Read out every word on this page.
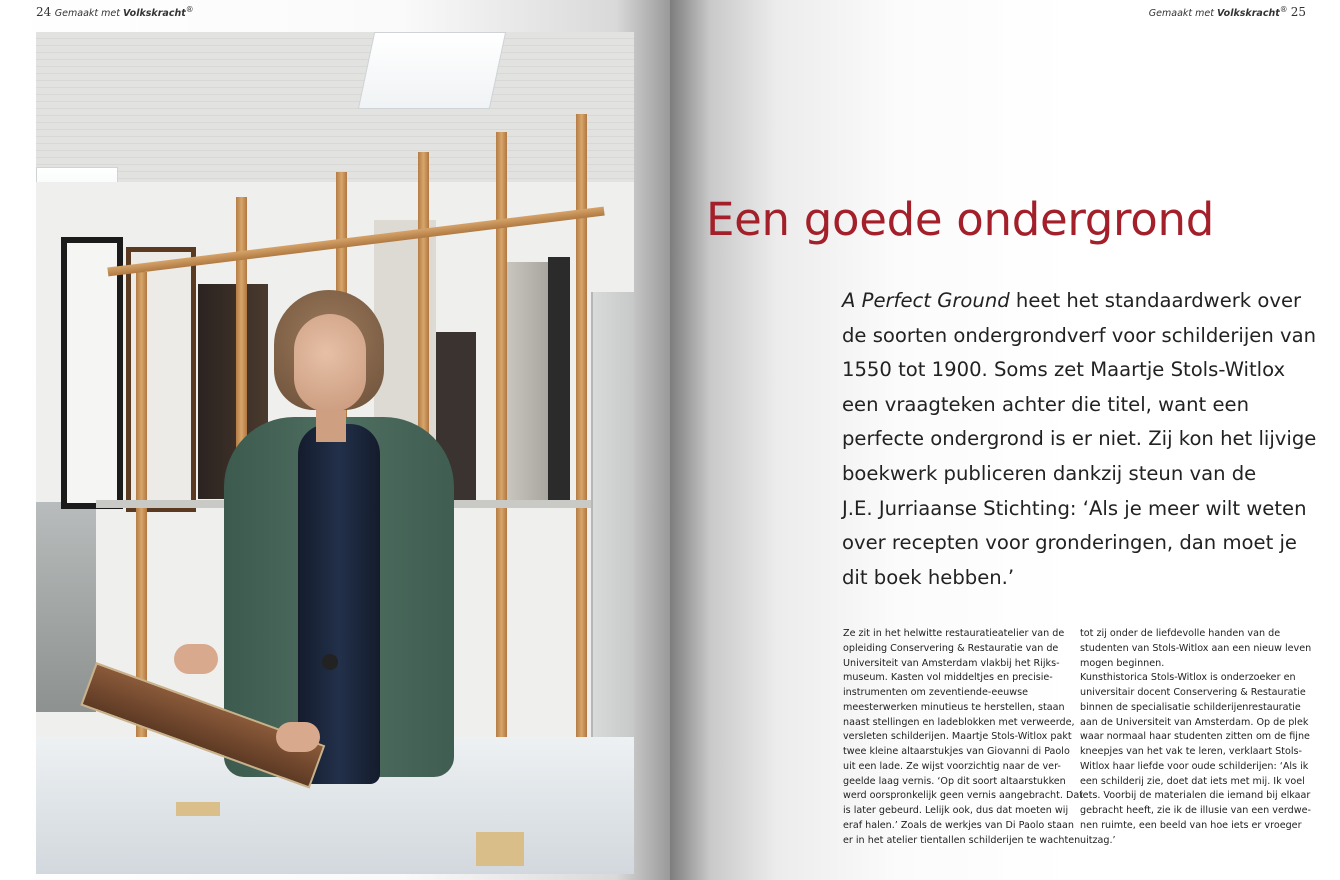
24 Gemaakt met Volkskracht®	Gemaakt met Volkskracht® 25
Een goede ondergrond

A Perfect Ground heet het standaardwerk over

de soorten ondergrondverf voor schilderijen van

1550 tot 1900. Soms zet Maartje Stols-Witlox

een vraagteken achter die titel, want een

perfecte ondergrond is er niet. Zij kon het lijvige

boekwerk publiceren dankzij steun van de

J.E. Jurriaanse Stichting: ‘Als je meer wilt weten

over recepten voor gronderingen, dan moet je

dit boek hebben.’

Ze zit in het helwitte restauratieatelier van de

opleiding Conservering & Restauratie van de

Universiteit van Amsterdam vlakbij het Rijks-

museum. Kasten vol middeltjes en precisie-

instrumenten om zeventiende-eeuwse

meesterwerken minutieus te herstellen, staan

naast stellingen en ladeblokken met verweerde,

versleten schilderijen. Maartje Stols-Witlox pakt

twee kleine altaarstukjes van Giovanni di Paolo

uit een lade. Ze wijst voorzichtig naar de ver-

geelde laag vernis. ‘Op dit soort altaarstukken

werd oorspronkelijk geen vernis aangebracht. Dat

is later gebeurd. Lelijk ook, dus dat moeten wij

eraf halen.’ Zoals de werkjes van Di Paolo staan

er in het atelier tientallen schilderijen te wachten

tot zij onder de liefdevolle handen van de

studenten van Stols-Witlox aan een nieuw leven

mogen beginnen.

Kunsthistorica Stols-Witlox is onderzoeker en

universitair docent Conservering & Restauratie

binnen de specialisatie schilderijenrestauratie

aan de Universiteit van Amsterdam. Op de plek

waar normaal haar studenten zitten om de fijne

kneepjes van het vak te leren, verklaart Stols-

Witlox haar liefde voor oude schilderijen: ‘Als ik

een schilderij zie, doet dat iets met mij. Ik voel

iets. Voorbij de materialen die iemand bij elkaar

gebracht heeft, zie ik de illusie van een verdwe-

nen ruimte, een beeld van hoe iets er vroeger

uitzag.’
